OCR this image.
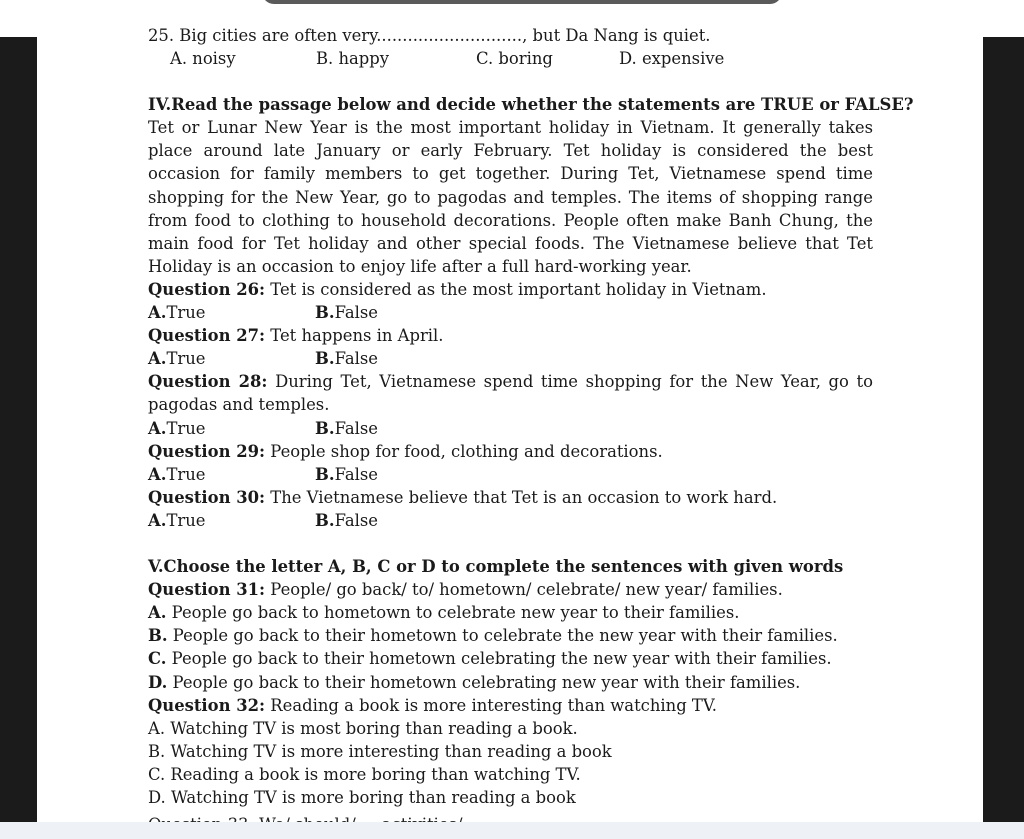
25. Big cities are often very............................, but Da Nang is quiet.
A. noisy	B. happy	C. boring	D. expensive
IV.Read the passage below and decide whether the statements are TRUE or FALSE?
Tet or Lunar New Year is the most important holiday in Vietnam. It generally takes place around late January or early February. Tet holiday is considered the best occasion for family members to get together. During Tet, Vietnamese spend time shopping for the New Year, go to pagodas and temples. The items of shopping range from food to clothing to household decorations. People often make Banh Chung, the main food for Tet holiday and other special foods. The Vietnamese believe that Tet Holiday is an occasion to enjoy life after a full hard-working year.
Question 26: Tet is considered as the most important holiday in Vietnam.
A. True	B. False
Question 27: Tet happens in April.
A. True	B. False
Question 28: During Tet, Vietnamese spend time shopping for the New Year, go to pagodas and temples.
A. True	B. False
Question 29: People shop for food, clothing and decorations.
A. True	B. False
Question 30: The Vietnamese believe that Tet is an occasion to work hard.
A. True	B. False
V.Choose the letter A, B, C or D to complete the sentences with given words
Question 31: People/ go back/ to/ hometown/ celebrate/ new year/ families.
A. People go back to hometown to celebrate new year to their families.
B. People go back to their hometown to celebrate the new year with their families.
C. People go back to their hometown celebrating the new year with their families.
D. People go back to their hometown celebrating new year with their families.
Question 32: Reading a book is more interesting than watching TV.
A. Watching TV is most boring than reading a book.
B. Watching TV is more interesting than reading a book
C. Reading a book is more boring than watching TV.
D. Watching TV is more boring than reading a book
